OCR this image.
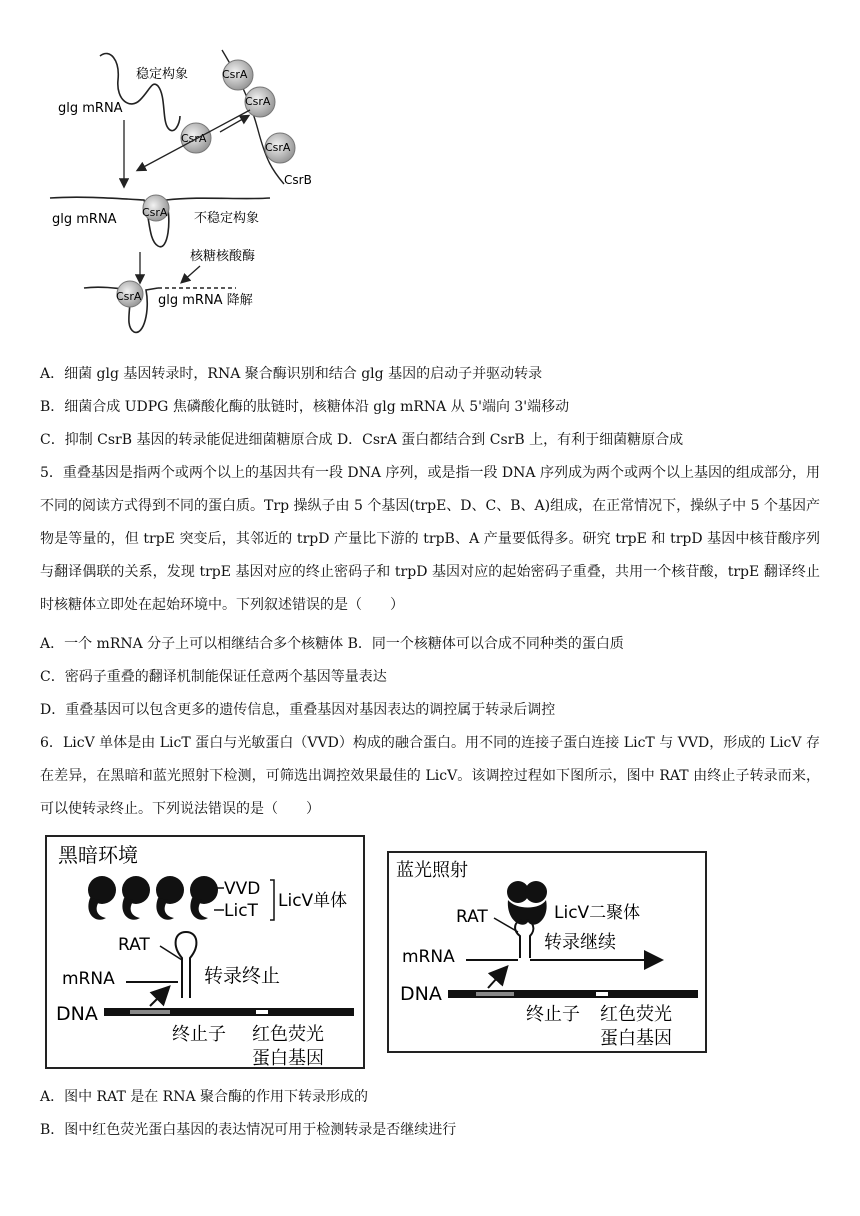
稳定构象
glg mRNA
CsrA
CsrA
CsrA
CsrB
CsrA
glg mRNA CsrA 不稳定构象
核糖核酸酶
CsrA glg mRNA 降解
A．细菌 glg 基因转录时，RNA 聚合酶识别和结合 glg 基因的启动子并驱动转录
B．细菌合成 UDPG 焦磷酸化酶的肽链时，核糖体沿 glg mRNA 从 5'端向 3'端移动
C．抑制 CsrB 基因的转录能促进细菌糖原合成 D．CsrA 蛋白都结合到 CsrB 上，有利于细菌糖原合成
5．重叠基因是指两个或两个以上的基因共有一段 DNA 序列，或是指一段 DNA 序列成为两个或两个以上基因的组成部分，用不同的阅读方式得到不同的蛋白质。Trp 操纵子由 5 个基因(trpE、D、C、B、A)组成，在正常情况下，操纵子中 5 个基因产物是等量的，但 trpE 突变后，其邻近的 trpD 产量比下游的 trpB、A 产量要低得多。研究 trpE 和 trpD 基因中核苷酸序列与翻译偶联的关系，发现 trpE 基因对应的终止密码子和 trpD 基因对应的起始密码子重叠，共用一个核苷酸，trpE 翻译终止时核糖体立即处在起始环境中。下列叙述错误的是（　　）
A．一个 mRNA 分子上可以相继结合多个核糖体 B．同一个核糖体可以合成不同种类的蛋白质
C．密码子重叠的翻译机制能保证任意两个基因等量表达
D．重叠基因可以包含更多的遗传信息，重叠基因对基因表达的调控属于转录后调控
6．LicV 单体是由 LicT 蛋白与光敏蛋白（VVD）构成的融合蛋白。用不同的连接子蛋白连接 LicT 与 VVD，形成的 LicV 存在差异，在黑暗和蓝光照射下检测，可筛选出调控效果最佳的 LicV。该调控过程如下图所示，图中 RAT 由终止子转录而来，可以使转录终止。下列说法错误的是（　　）
黑暗环境
VVD
LicT LicV单体
RAT
mRNA	转录终止
DNA
终止子 红色荧光
蛋白基因
蓝光照射
RAT	LicV二聚体
转录继续
mRNA
DNA
终止子 红色荧光
蛋白基因
A．图中 RAT 是在 RNA 聚合酶的作用下转录形成的
B．图中红色荧光蛋白基因的表达情况可用于检测转录是否继续进行
